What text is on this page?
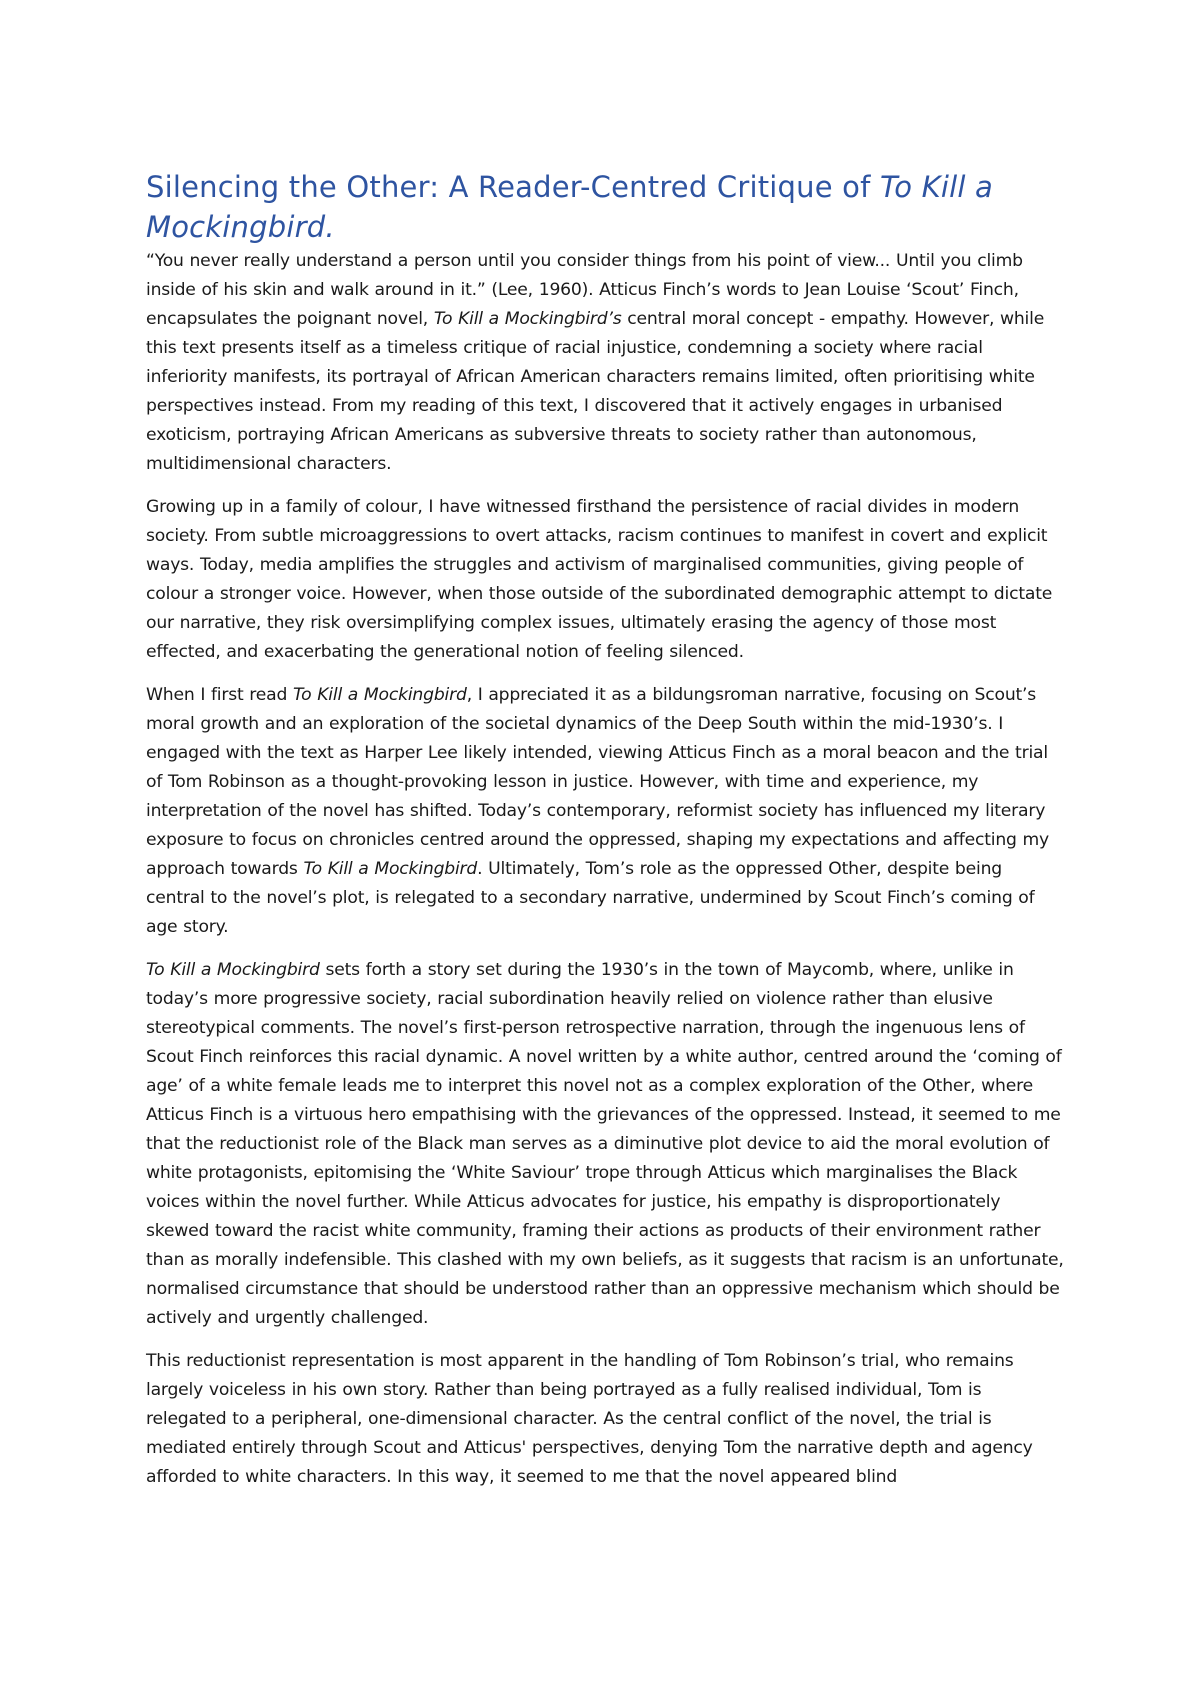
Silencing the Other: A Reader-Centred Critique of To Kill a Mockingbird.

“You never really understand a person until you consider things from his point of view... Until you climb inside of his skin and walk around in it.” (Lee, 1960). Atticus Finch’s words to Jean Louise ‘Scout’ Finch, encapsulates the poignant novel, To Kill a Mockingbird’s central moral concept - empathy. However, while this text presents itself as a timeless critique of racial injustice, condemning a society where racial inferiority manifests, its portrayal of African American characters remains limited, often prioritising white perspectives instead. From my reading of this text, I discovered that it actively engages in urbanised exoticism, portraying African Americans as subversive threats to society rather than autonomous, multidimensional characters.

Growing up in a family of colour, I have witnessed firsthand the persistence of racial divides in modern society. From subtle microaggressions to overt attacks, racism continues to manifest in covert and explicit ways. Today, media amplifies the struggles and activism of marginalised communities, giving people of colour a stronger voice. However, when those outside of the subordinated demographic attempt to dictate our narrative, they risk oversimplifying complex issues, ultimately erasing the agency of those most effected, and exacerbating the generational notion of feeling silenced.

When I first read To Kill a Mockingbird, I appreciated it as a bildungsroman narrative, focusing on Scout’s moral growth and an exploration of the societal dynamics of the Deep South within the mid-1930’s. I engaged with the text as Harper Lee likely intended, viewing Atticus Finch as a moral beacon and the trial of Tom Robinson as a thought-provoking lesson in justice. However, with time and experience, my interpretation of the novel has shifted. Today’s contemporary, reformist society has influenced my literary exposure to focus on chronicles centred around the oppressed, shaping my expectations and affecting my approach towards To Kill a Mockingbird. Ultimately, Tom’s role as the oppressed Other, despite being central to the novel’s plot, is relegated to a secondary narrative, undermined by Scout Finch’s coming of age story.

To Kill a Mockingbird sets forth a story set during the 1930’s in the town of Maycomb, where, unlike in today’s more progressive society, racial subordination heavily relied on violence rather than elusive stereotypical comments. The novel’s first-person retrospective narration, through the ingenuous lens of Scout Finch reinforces this racial dynamic. A novel written by a white author, centred around the ‘coming of age’ of a white female leads me to interpret this novel not as a complex exploration of the Other, where Atticus Finch is a virtuous hero empathising with the grievances of the oppressed. Instead, it seemed to me that the reductionist role of the Black man serves as a diminutive plot device to aid the moral evolution of white protagonists, epitomising the ‘White Saviour’ trope through Atticus which marginalises the Black voices within the novel further. While Atticus advocates for justice, his empathy is disproportionately skewed toward the racist white community, framing their actions as products of their environment rather than as morally indefensible. This clashed with my own beliefs, as it suggests that racism is an unfortunate, normalised circumstance that should be understood rather than an oppressive mechanism which should be actively and urgently challenged.

This reductionist representation is most apparent in the handling of Tom Robinson’s trial, who remains largely voiceless in his own story. Rather than being portrayed as a fully realised individual, Tom is relegated to a peripheral, one-dimensional character. As the central conflict of the novel, the trial is mediated entirely through Scout and Atticus' perspectives, denying Tom the narrative depth and agency afforded to white characters. In this way, it seemed to me that the novel appeared blind
